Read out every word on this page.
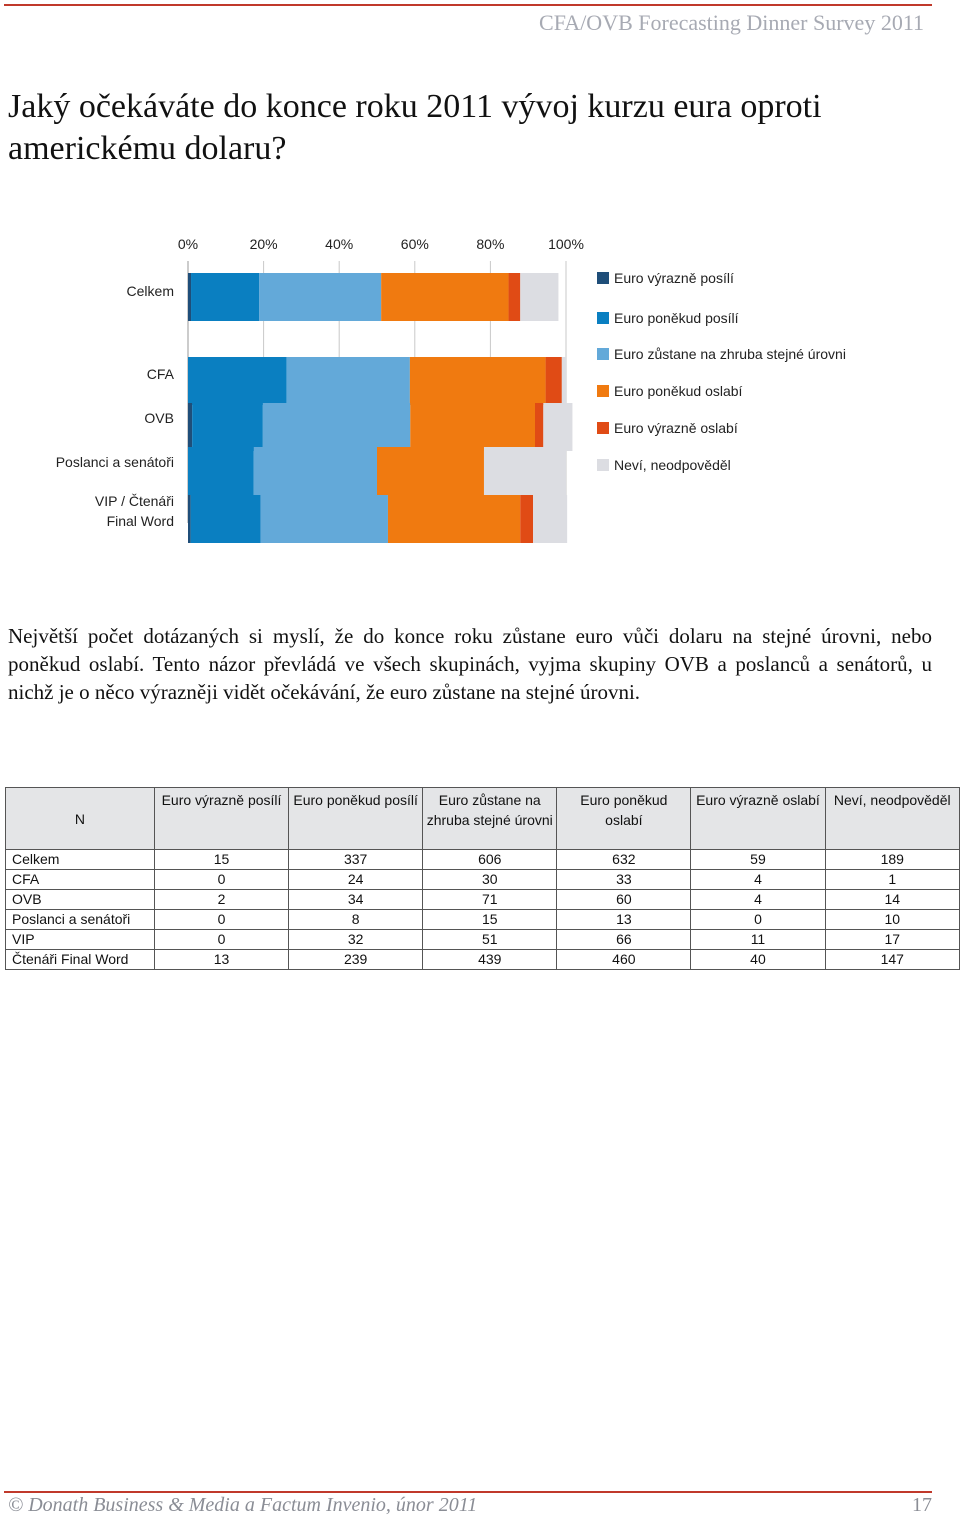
CFA/OVB Forecasting Dinner Survey 2011
Jaký očekáváte do konce roku 2011 vývoj kurzu eura oproti americkému dolaru?
0%	20%	40%	60%	80%	100%
Celkem
CFA
OVB
Poslanci a senátoři
VIP / Čtenáři Final Word
Euro výrazně posílí
Euro poněkud posílí
Euro zůstane na zhruba stejné úrovni
Euro poněkud oslabí
Euro výrazně oslabí
Neví, neodpověděl
Největší počet dotázaných si myslí, že do konce roku zůstane euro vůči dolaru na stejné úrovni, nebo poněkud oslabí. Tento názor převládá ve všech skupinách, vyjma skupiny OVB a poslanců a senátorů, u nichž je o něco výrazněji vidět očekávání, že euro zůstane na stejné úrovni.
N	Euro výrazně posílí	Euro poněkud posílí	Euro zůstane na zhruba stejné úrovni	Euro poněkud oslabí	Euro výrazně oslabí	Neví, neodpověděl
Celkem	15	337	606	632	59	189
CFA	0	24	30	33	4	1
OVB	2	34	71	60	4	14
Poslanci a senátoři	0	8	15	13	0	10
VIP	0	32	51	66	11	17
Čtenáři Final Word	13	239	439	460	40	147
© Donath Business & Media a Factum Invenio, únor 2011	17
